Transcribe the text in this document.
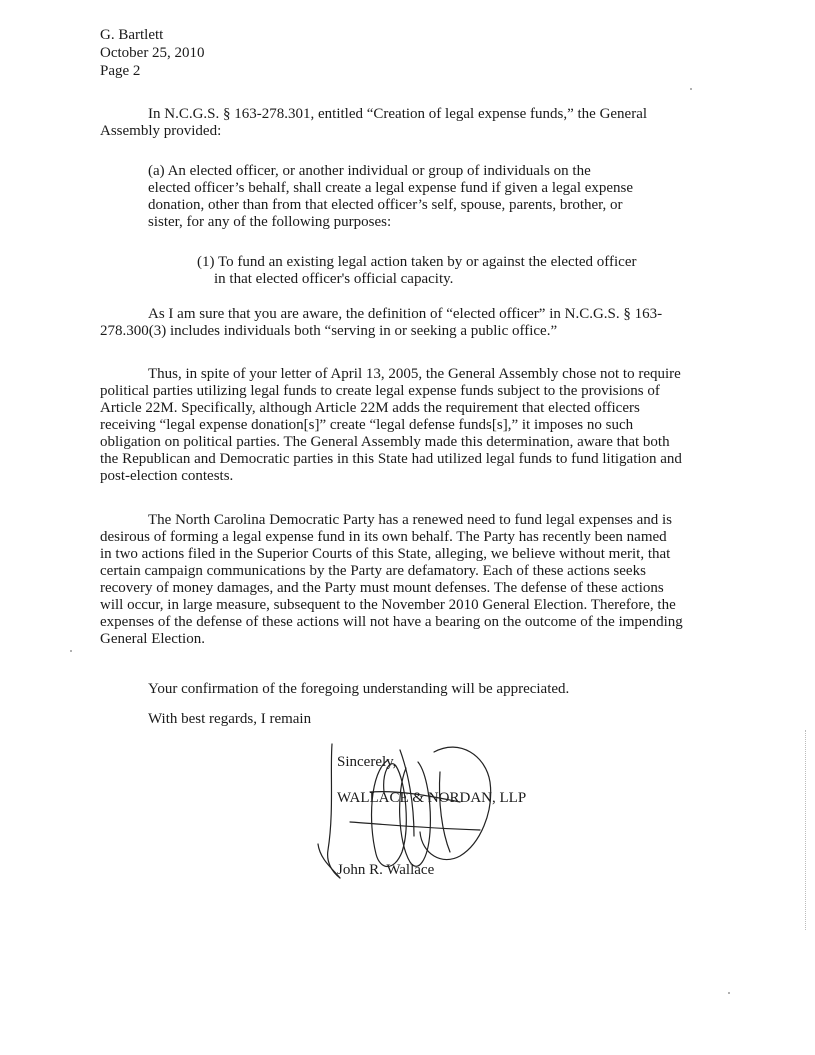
G. Bartlett
October 25, 2010
Page 2
In N.C.G.S. § 163-278.301, entitled “Creation of legal expense funds,” the General
Assembly provided:
(a) An elected officer, or another individual or group of individuals on the
elected officer’s behalf, shall create a legal expense fund if given a legal expense
donation, other than from that elected officer’s self, spouse, parents, brother, or
sister, for any of the following purposes:
(1) To fund an existing legal action taken by or against the elected officer
in that elected officer's official capacity.
As I am sure that you are aware, the definition of “elected officer” in N.C.G.S. § 163-
278.300(3) includes individuals both “serving in or seeking a public office.”
Thus, in spite of your letter of April 13, 2005, the General Assembly chose not to require
political parties utilizing legal funds to create legal expense funds subject to the provisions of
Article 22M. Specifically, although Article 22M adds the requirement that elected officers
receiving “legal expense donation[s]” create “legal defense funds[s],” it imposes no such
obligation on political parties. The General Assembly made this determination, aware that both
the Republican and Democratic parties in this State had utilized legal funds to fund litigation and
post-election contests.
The North Carolina Democratic Party has a renewed need to fund legal expenses and is
desirous of forming a legal expense fund in its own behalf. The Party has recently been named
in two actions filed in the Superior Courts of this State, alleging, we believe without merit, that
certain campaign communications by the Party are defamatory. Each of these actions seeks
recovery of money damages, and the Party must mount defenses. The defense of these actions
will occur, in large measure, subsequent to the November 2010 General Election. Therefore, the
expenses of the defense of these actions will not have a bearing on the outcome of the impending
General Election.
Your confirmation of the foregoing understanding will be appreciated.
With best regards, I remain
Sincerely,
WALLACE & NORDAN, LLP
John R. Wallace
